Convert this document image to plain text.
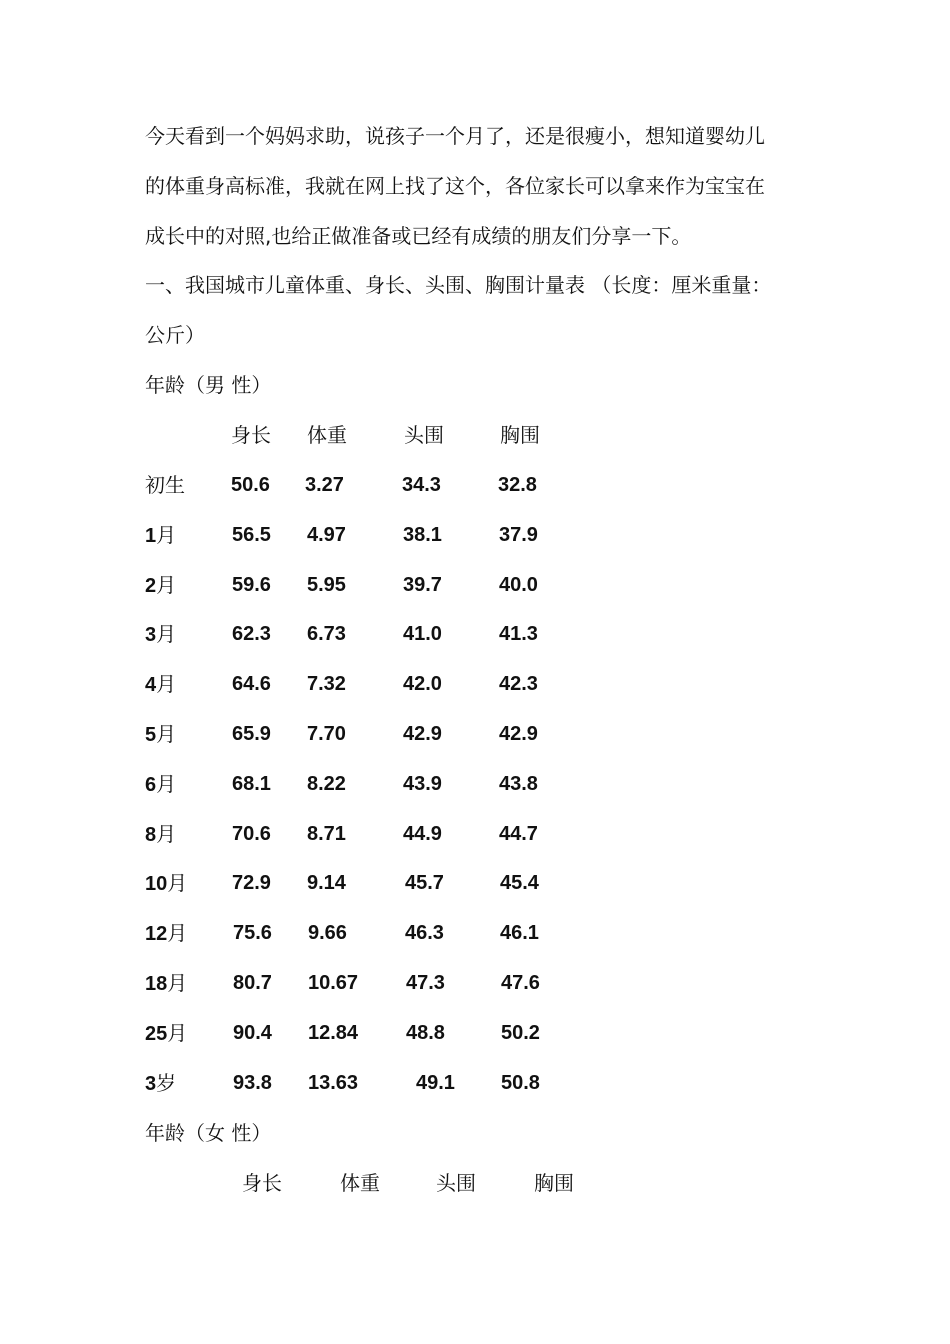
今天看到一个妈妈求助，说孩子一个月了，还是很瘦小，想知道婴幼儿
的体重身高标准，我就在网上找了这个，各位家长可以拿来作为宝宝在
成长中的对照,也给正做准备或已经有成绩的朋友们分享一下。
一、我国城市儿童体重、身长、头围、胸围计量表 （长度：厘米重量：
公斤）
年龄（男 性）
身长 体重	头围	胸围
初生 50.6 3.27	34.3	32.8
1月	56.5 4.97	38.1	37.9
2月	59.6 5.95	39.7	40.0
3月	62.3 6.73	41.0	41.3
4月	64.6 7.32	42.0	42.3
5月	65.9 7.70	42.9	42.9
6月	68.1 8.22	43.9	43.8
8月	70.6 8.71	44.9	44.7
10月 72.9 9.14	45.7	45.4
12月 75.6 9.66	46.3	46.1
18月 80.7 10.67 47.3	47.6
25月 90.4 12.84 48.8	50.2
3岁	93.8 13.63	49.1 50.8
年龄（女 性）
身长	体重	头围	胸围
